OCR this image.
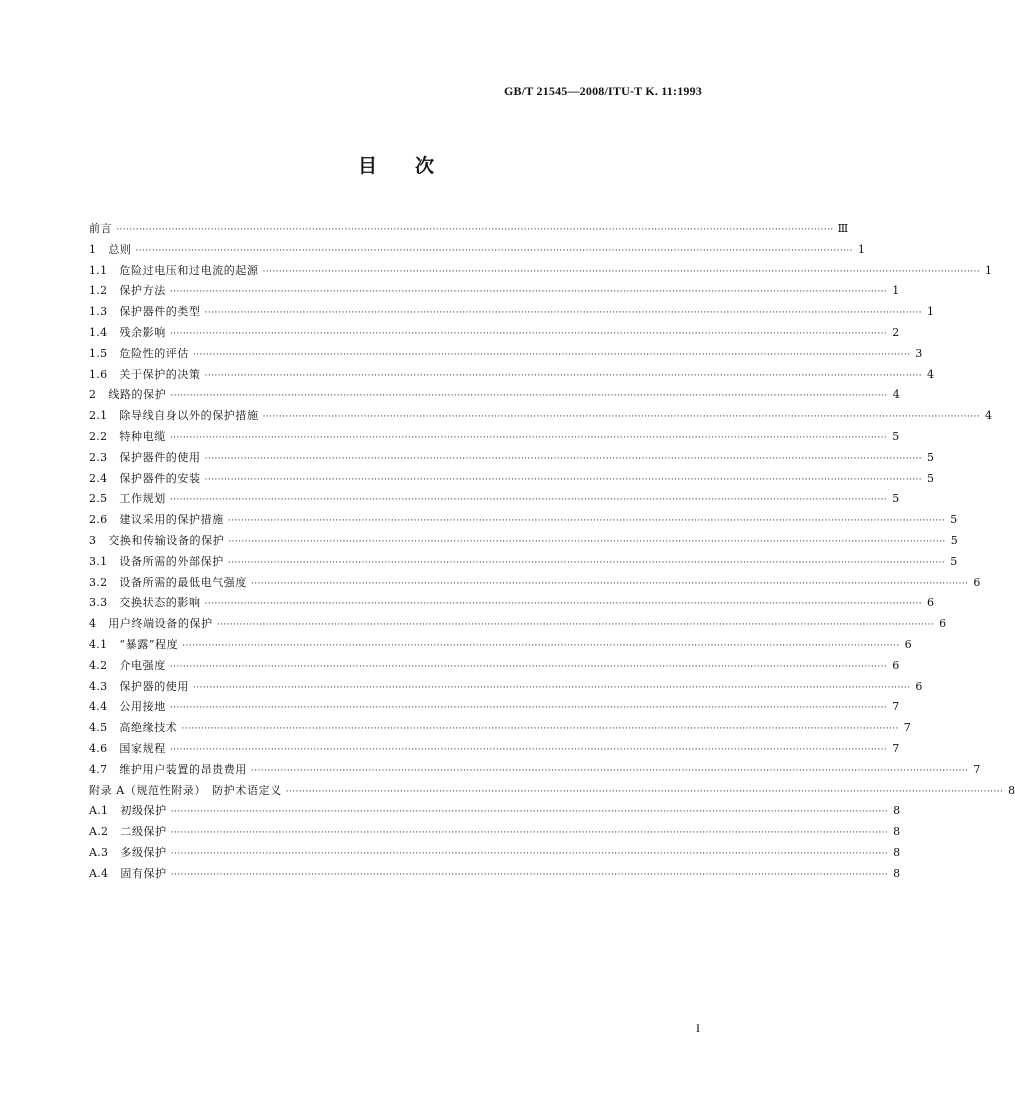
GB/T 21545—2008/ITU-T K. 11:1993
目　　次
前言 ···························································································································································································································· Ⅲ
1 总则 ···························································································································································································································· 1
1.1 危险过电压和过电流的起源 ···························································································································································································································· 1
1.2 保护方法 ···························································································································································································································· 1
1.3 保护器件的类型 ···························································································································································································································· 1
1.4 残余影响 ···························································································································································································································· 2
1.5 危险性的评估 ···························································································································································································································· 3
1.6 关于保护的决策 ···························································································································································································································· 4
2 线路的保护 ···························································································································································································································· 4
2.1 除导线自身以外的保护措施 ···························································································································································································································· 4
2.2 特种电缆 ···························································································································································································································· 5
2.3 保护器件的使用 ···························································································································································································································· 5
2.4 保护器件的安装 ···························································································································································································································· 5
2.5 工作规划 ···························································································································································································································· 5
2.6 建议采用的保护措施 ···························································································································································································································· 5
3 交换和传输设备的保护 ···························································································································································································································· 5
3.1 设备所需的外部保护 ···························································································································································································································· 5
3.2 设备所需的最低电气强度 ···························································································································································································································· 6
3.3 交换状态的影响 ···························································································································································································································· 6
4 用户终端设备的保护 ···························································································································································································································· 6
4.1 “暴露”程度 ···························································································································································································································· 6
4.2 介电强度 ···························································································································································································································· 6
4.3 保护器的使用 ···························································································································································································································· 6
4.4 公用接地 ···························································································································································································································· 7
4.5 高绝缘技术 ···························································································································································································································· 7
4.6 国家规程 ···························································································································································································································· 7
4.7 维护用户装置的昂贵费用 ···························································································································································································································· 7
附录 A（规范性附录）　防护术语定义 ···························································································································································································································· 8
A.1 初级保护 ···························································································································································································································· 8
A.2 二级保护 ···························································································································································································································· 8
A.3 多级保护 ···························································································································································································································· 8
A.4 固有保护 ···························································································································································································································· 8
I
